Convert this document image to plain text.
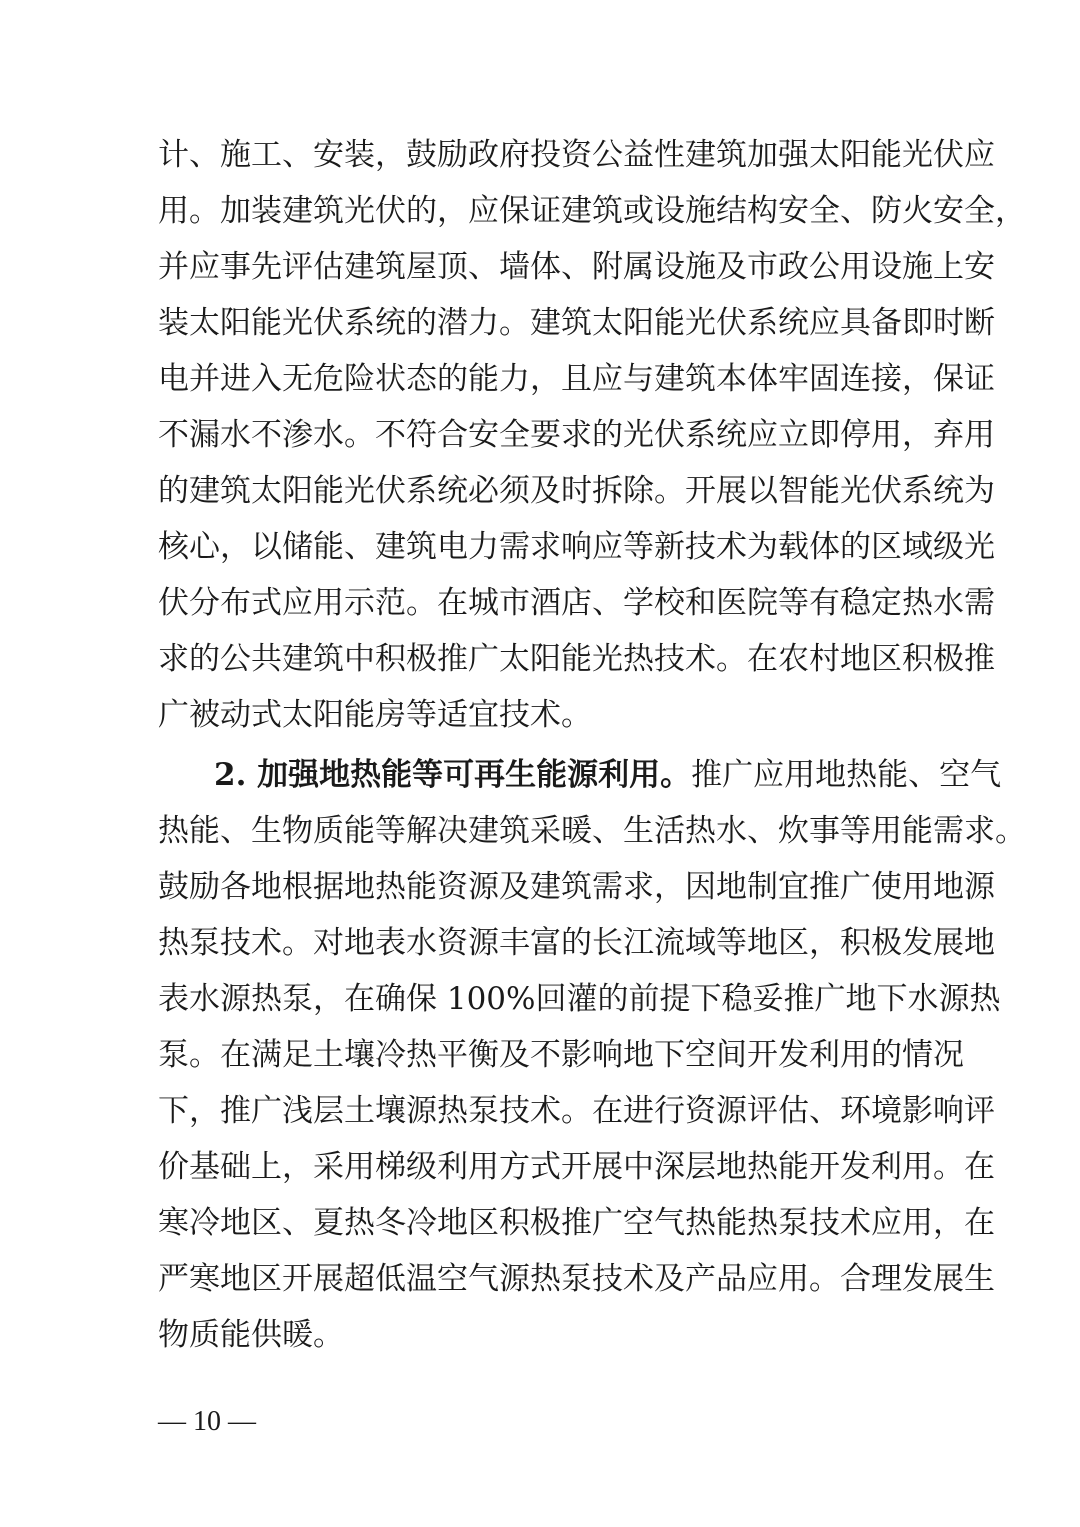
计、施工、安装，鼓励政府投资公益性建筑加强太阳能光伏应
用。加装建筑光伏的，应保证建筑或设施结构安全、防火安全，
并应事先评估建筑屋顶、墙体、附属设施及市政公用设施上安
装太阳能光伏系统的潜力。建筑太阳能光伏系统应具备即时断
电并进入无危险状态的能力，且应与建筑本体牢固连接，保证
不漏水不渗水。不符合安全要求的光伏系统应立即停用，弃用
的建筑太阳能光伏系统必须及时拆除。开展以智能光伏系统为
核心，以储能、建筑电力需求响应等新技术为载体的区域级光
伏分布式应用示范。在城市酒店、学校和医院等有稳定热水需
求的公共建筑中积极推广太阳能光热技术。在农村地区积极推
广被动式太阳能房等适宜技术。
2. 加强地热能等可再生能源利用。推广应用地热能、空气
热能、生物质能等解决建筑采暖、生活热水、炊事等用能需求。
鼓励各地根据地热能资源及建筑需求，因地制宜推广使用地源
热泵技术。对地表水资源丰富的长江流域等地区，积极发展地
表水源热泵，在确保 100%回灌的前提下稳妥推广地下水源热
泵。在满足土壤冷热平衡及不影响地下空间开发利用的情况
下，推广浅层土壤源热泵技术。在进行资源评估、环境影响评
价基础上，采用梯级利用方式开展中深层地热能开发利用。在
寒冷地区、夏热冬冷地区积极推广空气热能热泵技术应用，在
严寒地区开展超低温空气源热泵技术及产品应用。合理发展生
物质能供暖。
— 10 —
